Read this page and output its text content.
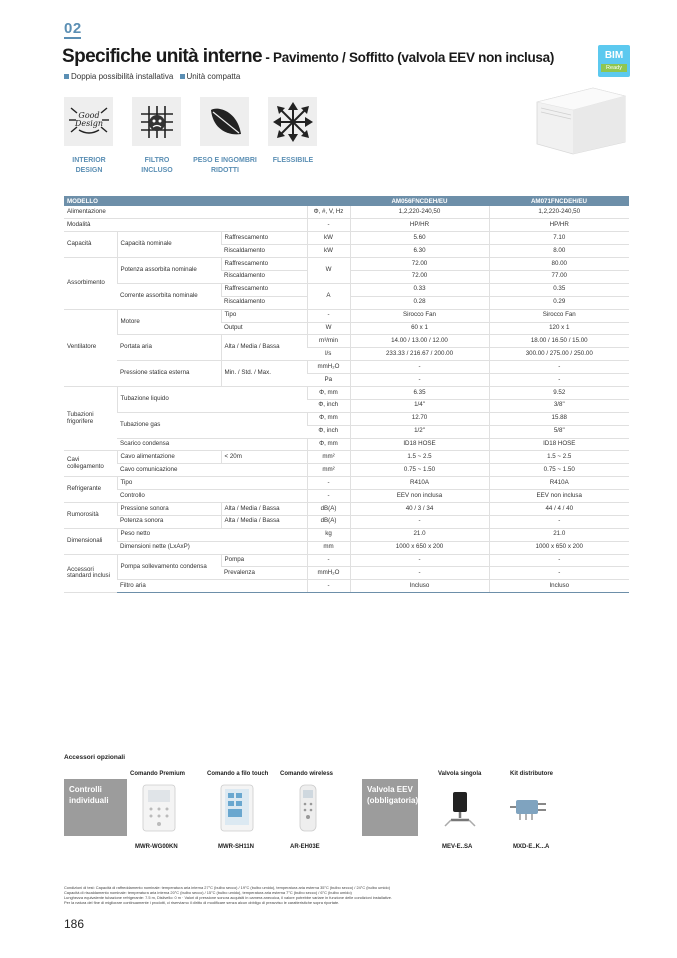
02
Specifiche unità interne - Pavimento / Soffitto (valvola EEV non inclusa)	BIM
Ready
Doppia possibilità installativa Unità compatta
Good
Design
INTERIOR
DESIGN
FILTRO
INCLUSO
PESO E INGOMBRI
RIDOTTI
FLESSIBILE
MODELLO				AM056FNCDEH/EU	AM071FNCDEH/EU
Alimentazione			Φ, #, V, Hz	1,2,220-240,50	1,2,220-240,50
Modalità			-	HP/HR	HP/HR
Capacità	Capacità nominale	Raffrescamento	kW	5.60	7.10
		Riscaldamento	kW	6.30	8.00
Assorbimento	Potenza assorbita nominale	Raffrescamento	W	72.00	80.00
		Riscaldamento		72.00	77.00
	Corrente assorbita nominale	Raffrescamento	A	0.33	0.35
		Riscaldamento		0.28	0.29
Ventilatore	Motore	Tipo	-	Sirocco Fan	Sirocco Fan
		Output	W	60 x 1	120 x 1
	Portata aria	Alta / Media / Bassa	m³/min	14.00 / 13.00 / 12.00	18.00 / 16.50 / 15.00
			l/s	233.33 / 216.67 / 200.00	300.00 / 275.00 / 250.00
	Pressione statica esterna	Min. / Std. / Max.	mmH₂O	-	-
			Pa	-	-
Tubazioni frigorifere	Tubazione liquido		Φ, mm	6.35	9.52
			Φ, inch	1/4"	3/8"
	Tubazione gas		Φ, mm	12.70	15.88
			Φ, inch	1/2"	5/8"
	Scarico condensa		Φ, mm	ID18 HOSE	ID18 HOSE
Cavi collegamento	Cavo alimentazione	< 20m	mm²	1.5 ~ 2.5	1.5 ~ 2.5
	Cavo comunicazione		mm²	0.75 ~ 1.50	0.75 ~ 1.50
Refrigerante	Tipo		-	R410A	R410A
	Controllo		-	EEV non inclusa	EEV non inclusa
Rumorosità	Pressione sonora	Alta / Media / Bassa	dB(A)	40 / 3 / 34	44 / 4 / 40
	Potenza sonora	Alta / Media / Bassa	dB(A)	-	-
Dimensionali	Peso netto		kg	21.0	21.0
	Dimensioni nette (LxAxP)		mm	1000 x 650 x 200	1000 x 650 x 200
Accessori standard inclusi	Pompa sollevamento condensa	Pompa	-	-	-
		Prevalenza	mmH₂O	-	-
	Filtro aria		-	Incluso	Incluso
Accessori opzionali
Comando Premium	Comando a filo touch Comando wireless	Valvola singola	Kit distributore
Controlli individuali
Valvola EEV (obbligatoria)
MWR-WG00KN	MWR-SH11N	AR-EH03E	MEV-E..SA	MXD-E..K...A
Condizioni di test: Capacità di raffreddamento nominale: temperatura aria interna 27°C (bulbo secco) / 19°C (bulbo umido), temperatura aria esterna 35°C (bulbo secco) / 24°C (bulbo umido)
Capacità di riscaldamento nominale: temperatura aria interna 20°C (bulbo secco) / 15°C (bulbo umido), temperatura aria esterna 7°C (bulbo secco) / 6°C (bulbo umido)
Lunghezza equivalente tubazione refrigerante: 7.5 m, Dislivello: 0 m · Valori di pressione sonora acquisiti in camera anecoica, il valore potrebbe variare in funzione delle condizioni installative.
Per la natura del fine di migliorare continuamente i prodotti, ci riserviamo il diritto di modificare senza alcun obbligo di preavviso le caratteristiche sopra riportate.
186
